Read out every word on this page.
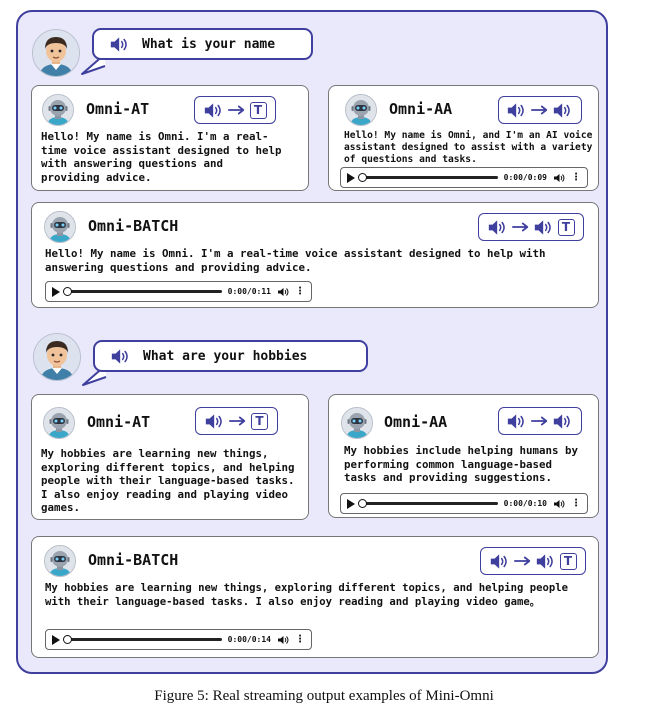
What is your name
Omni-AT	T
Hello! My name is Omni. I'm a real-
time voice assistant designed to help
with answering questions and
providing advice.
Omni-AA
Hello! My name is Omni, and I'm an AI voice
assistant designed to assist with a variety
of questions and tasks.
0:00/0:09 ⋮
Omni-BATCH	T
Hello! My name is Omni. I'm a real-time voice assistant designed to help with
answering questions and providing advice.
0:00/0:11 ⋮
What are your hobbies
Omni-AT	T
My hobbies are learning new things,
exploring different topics, and helping
people with their language-based tasks.
I also enjoy reading and playing video
games.
Omni-AA
My hobbies include helping humans by
performing common language-based
tasks and providing suggestions.
0:00/0:10 ⋮
Omni-BATCH	T
My hobbies are learning new things, exploring different topics, and helping people
with their language-based tasks. I also enjoy reading and playing video game。
0:00/0:14 ⋮
Figure 5: Real streaming output examples of Mini-Omni
